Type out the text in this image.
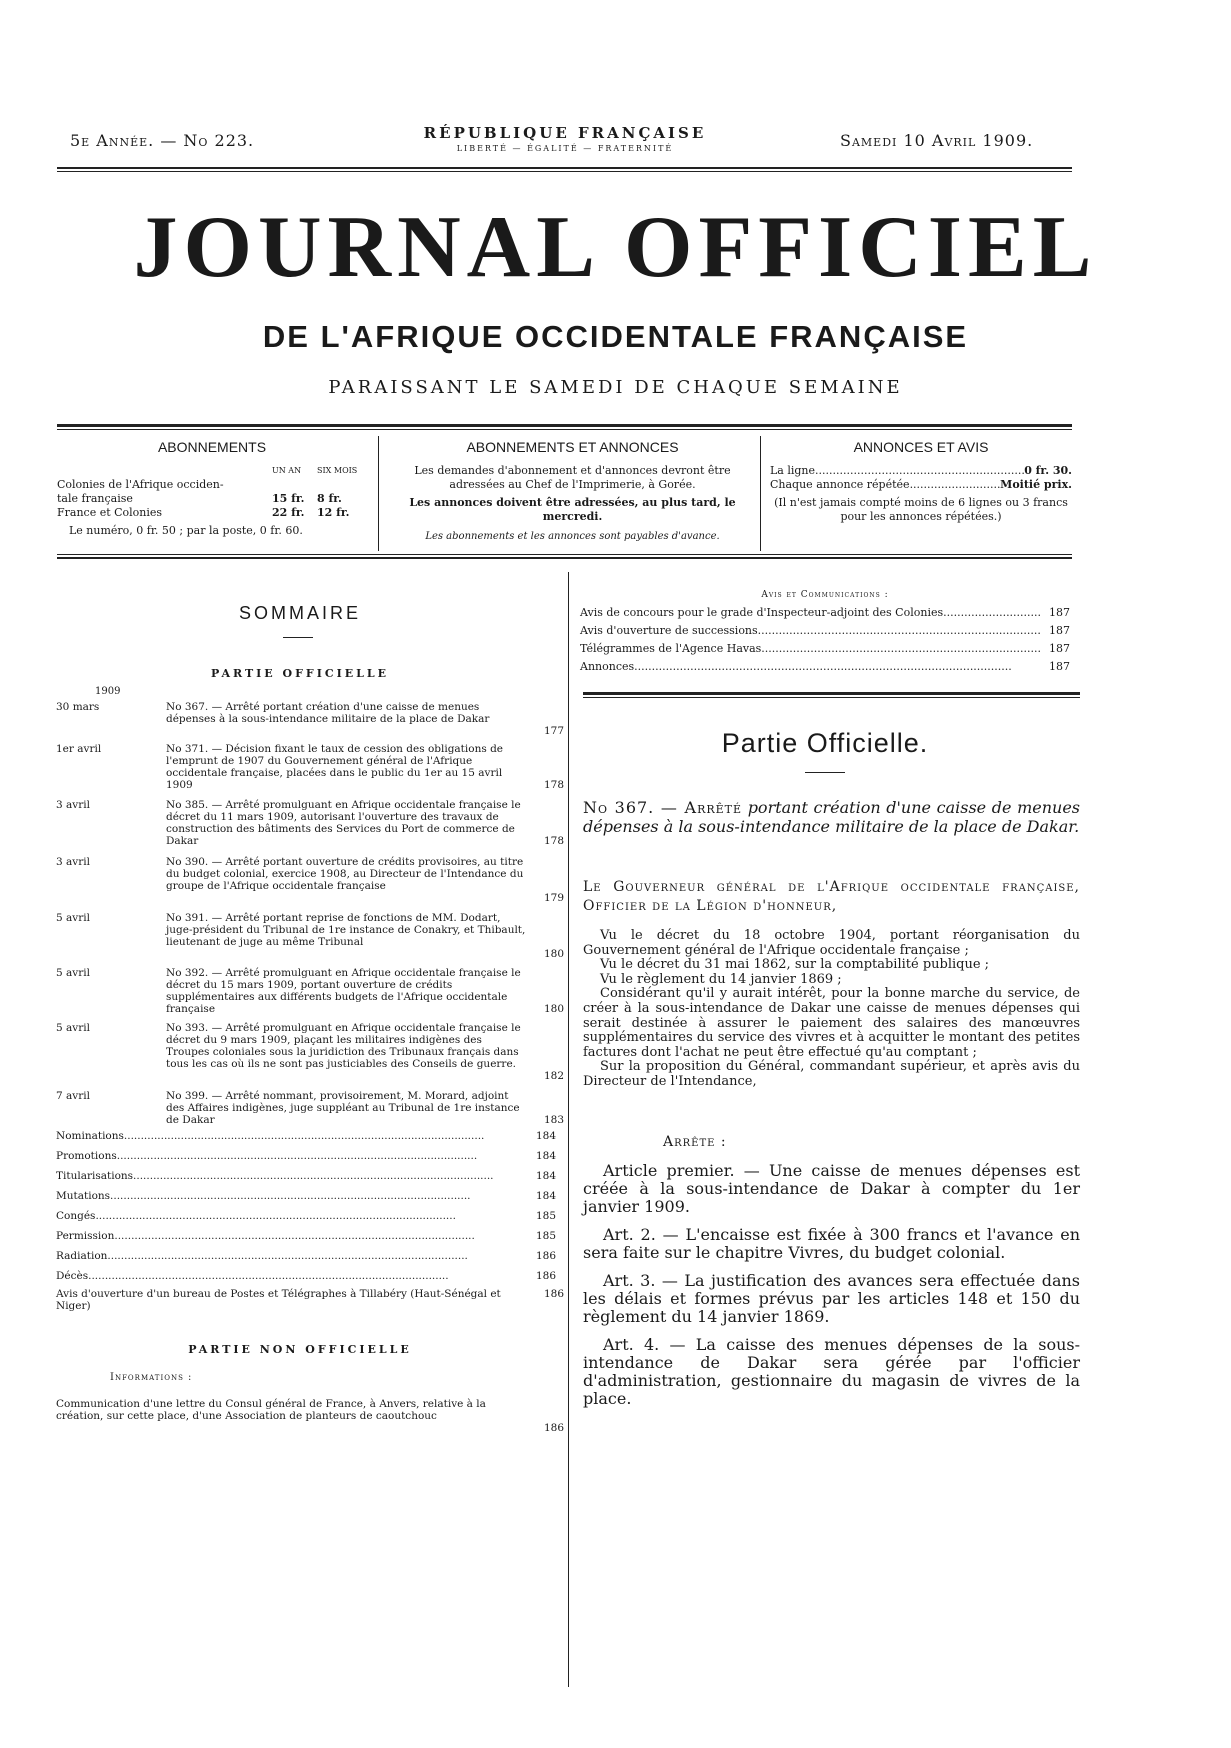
5e Année. — No 223.	RÉPUBLIQUE FRANÇAISE
LIBERTÉ — ÉGALITÉ — FRATERNITÉ	Samedi 10 Avril 1909.
JOURNAL OFFICIEL
DE L'AFRIQUE OCCIDENTALE FRANÇAISE
PARAISSANT LE SAMEDI DE CHAQUE SEMAINE
ABONNEMENTS
UN AN	SIX MOIS
Colonies de l'Afrique occiden-
tale française	15 fr.	8 fr.
France et Colonies	22 fr.	12 fr.
Le numéro, 0 fr. 50 ; par la poste, 0 fr. 60.
ABONNEMENTS ET ANNONCES
Les demandes d'abonnement et d'annonces devront être adressées au Chef de l'Imprimerie, à Gorée.
Les annonces doivent être adressées, au plus tard, le mercredi.
Les abonnements et les annonces sont payables d'avance.
ANNONCES ET AVIS
La ligne .....	0 fr. 30.
Chaque annonce répétée .....	Moitié prix.
(Il n'est jamais compté moins de 6 lignes ou 3 francs pour les annonces répétées.)
SOMMAIRE
PARTIE OFFICIELLE
1909
30 mars	No 367. — Arrêté portant création d'une caisse de menues dépenses à la sous-intendance militaire de la place de Dakar
177
1er avril	No 371. — Décision fixant le taux de cession des obligations de l'emprunt de 1907 du Gouvernement général de l'Afrique occidentale française, placées dans le public du 1er au 15 avril 1909	178
3 avril	No 385. — Arrêté promulguant en Afrique occidentale française le décret du 11 mars 1909, autorisant l'ouverture des travaux de construction des bâtiments des Services du Port de commerce de Dakar	178
3 avril	No 390. — Arrêté portant ouverture de crédits provisoires, au titre du budget colonial, exercice 1908, au Directeur de l'Intendance du groupe de l'Afrique occidentale française
179
5 avril	No 391. — Arrêté portant reprise de fonctions de MM. Dodart, juge-président du Tribunal de 1re instance de Conakry, et Thibault, lieutenant de juge au même Tribunal
180
5 avril	No 392. — Arrêté promulguant en Afrique occidentale française le décret du 15 mars 1909, portant ouverture de crédits supplémentaires aux différents budgets de l'Afrique occidentale française	180
5 avril	No 393. — Arrêté promulguant en Afrique occidentale française le décret du 9 mars 1909, plaçant les militaires indigènes des Troupes coloniales sous la juridiction des Tribunaux français dans tous les cas où ils ne sont pas justiciables des Conseils de guerre.
182
7 avril	No 399. — Arrêté nommant, provisoirement, M. Morard, adjoint des Affaires indigènes, juge suppléant au Tribunal de 1re instance de Dakar	183
Nominations .....	184
Promotions .....	184
Titularisations .....	184
Mutations .....	184
Congés .....	185
Permission .....	185
Radiation .....	186
Décès .....	186
Avis d'ouverture d'un bureau de Postes et Télégraphes à Tillabéry (Haut-Sénégal et Niger)
186
PARTIE NON OFFICIELLE
Informations :
Communication d'une lettre du Consul général de France, à Anvers, relative à la création, sur cette place, d'une Association de planteurs de caoutchouc
186
Avis et Communications :
Avis de concours pour le grade d'Inspecteur-adjoint des Colonies .....	187
Avis d'ouverture de successions .....	187
Télégrammes de l'Agence Havas .....	187
Annonces .....	187
Partie Officielle.
No 367. — Arrêté portant création d'une caisse de menues dépenses à la sous-intendance militaire de la place de Dakar.
Le Gouverneur général de l'Afrique occidentale française, Officier de la Légion d'honneur,
Vu le décret du 18 octobre 1904, portant réorganisation du Gouvernement général de l'Afrique occidentale française ;
Vu le décret du 31 mai 1862, sur la comptabilité publique ;
Vu le règlement du 14 janvier 1869 ;
Considérant qu'il y aurait intérêt, pour la bonne marche du service, de créer à la sous-intendance de Dakar une caisse de menues dépenses qui serait destinée à assurer le paiement des salaires des manœuvres supplémentaires du service des vivres et à acquitter le montant des petites factures dont l'achat ne peut être effectué qu'au comptant ;
Sur la proposition du Général, commandant supérieur, et après avis du Directeur de l'Intendance,
Arrête :
Article premier. — Une caisse de menues dépenses est créée à la sous-intendance de Dakar à compter du 1er janvier 1909.
Art. 2. — L'encaisse est fixée à 300 francs et l'avance en sera faite sur le chapitre Vivres, du budget colonial.
Art. 3. — La justification des avances sera effectuée dans les délais et formes prévus par les articles 148 et 150 du règlement du 14 janvier 1869.
Art. 4. — La caisse des menues dépenses de la sous-intendance de Dakar sera gérée par l'officier d'administration, gestionnaire du magasin de vivres de la place.
